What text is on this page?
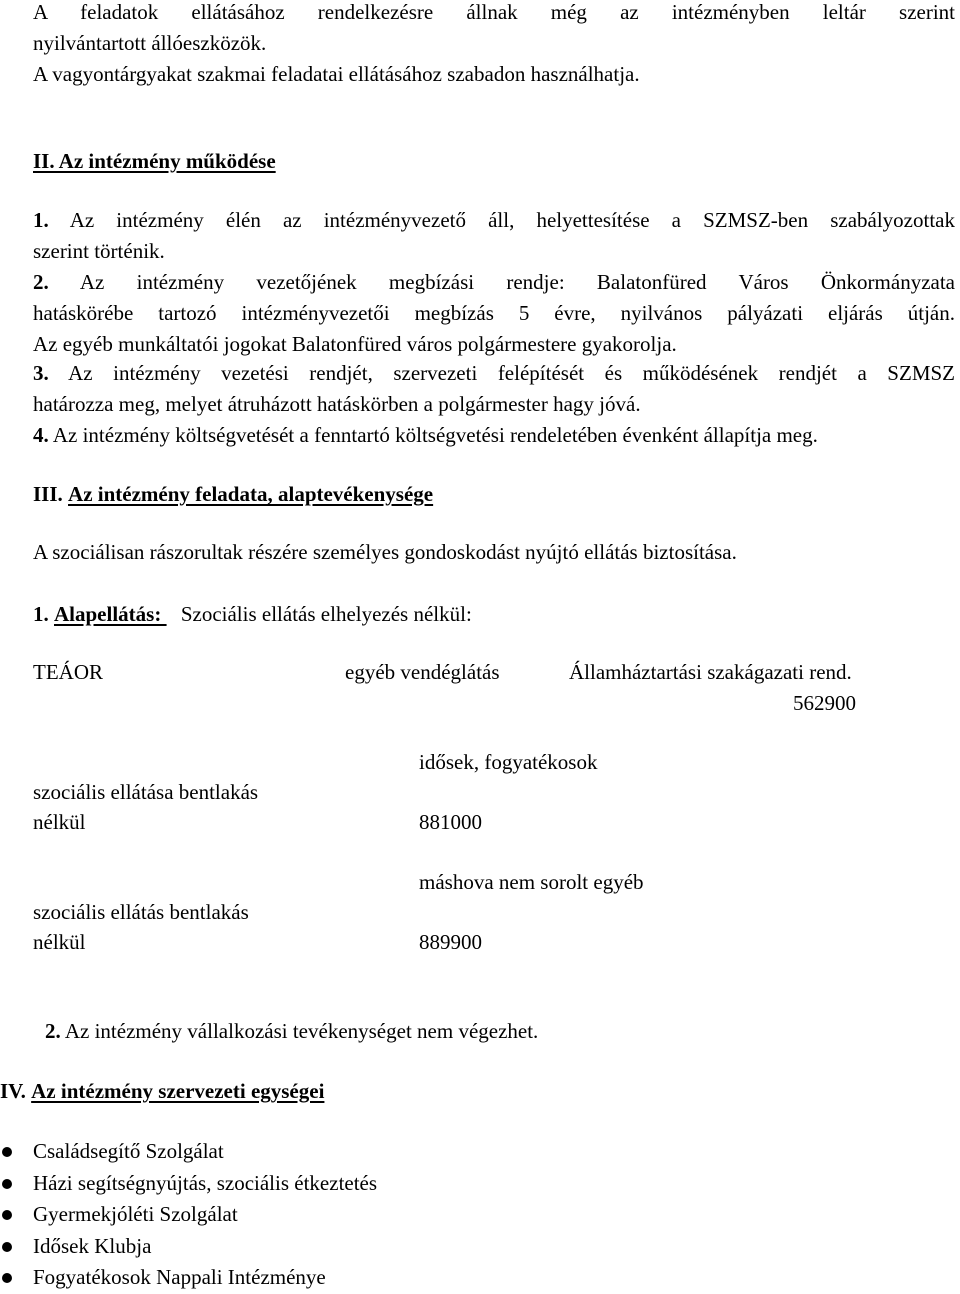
A feladatok ellátásához rendelkezésre állnak még az intézményben leltár szerint

nyilvántartott állóeszközök.

A vagyontárgyakat szakmai feladatai ellátásához szabadon használhatja.

II. Az intézmény működése

1. Az intézmény élén az intézményvezető áll, helyettesítése a SZMSZ-ben szabályozottak

szerint történik.

2. Az intézmény vezetőjének megbízási rendje: Balatonfüred Város Önkormányzata

hatáskörébe tartozó intézményvezetői megbízás 5 évre, nyilvános pályázati eljárás útján.

Az egyéb munkáltatói jogokat Balatonfüred város polgármestere gyakorolja.

3. Az intézmény vezetési rendjét, szervezeti felépítését és működésének rendjét a SZMSZ

határozza meg, melyet átruházott hatáskörben a polgármester hagy jóvá.

4. Az intézmény költségvetését a fenntartó költségvetési rendeletében évenként állapítja meg.
III. Az intézmény feladata, alaptevékenysége
A szociálisan rászorultak részére személyes gondoskodást nyújtó ellátás biztosítása.
1. Alapellátás:  Szociális ellátás elhelyezés nélkül:
TEÁOR	egyéb vendéglátás	Államháztartási szakágazati rend.
562900
idősek, fogyatékosok
szociális ellátása bentlakás
nélkül	881000
máshova nem sorolt egyéb
szociális ellátás bentlakás
nélkül	889900
2. Az intézmény vállalkozási tevékenységet nem végezhet.
IV. Az intézmény szervezeti egységei
Családsegítő Szolgálat
Házi segítségnyújtás, szociális étkeztetés
Gyermekjóléti Szolgálat
Idősek Klubja
Fogyatékosok Nappali Intézménye
